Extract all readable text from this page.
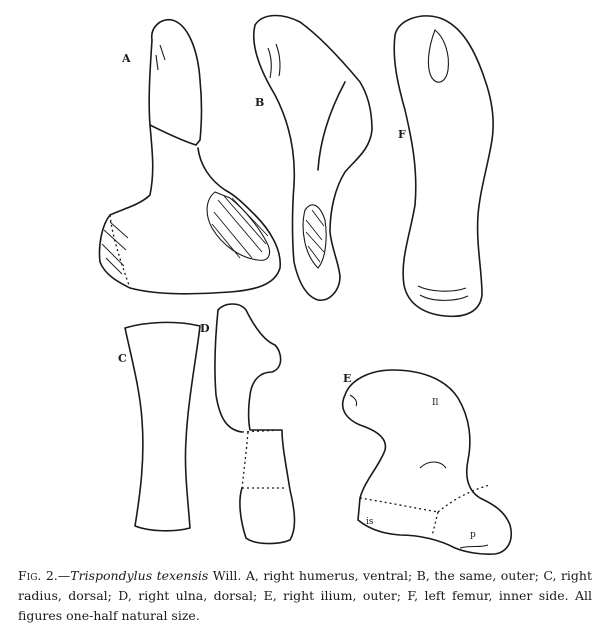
A
B
F
C
D
E
Il
is
p
Fig. 2.—Trispondylus texensis Will. A, right humerus, ventral; B, the same, outer; C, right radius, dorsal; D, right ulna, dorsal; E, right ilium, outer; F, left femur, inner side. All figures one-half natural size.
